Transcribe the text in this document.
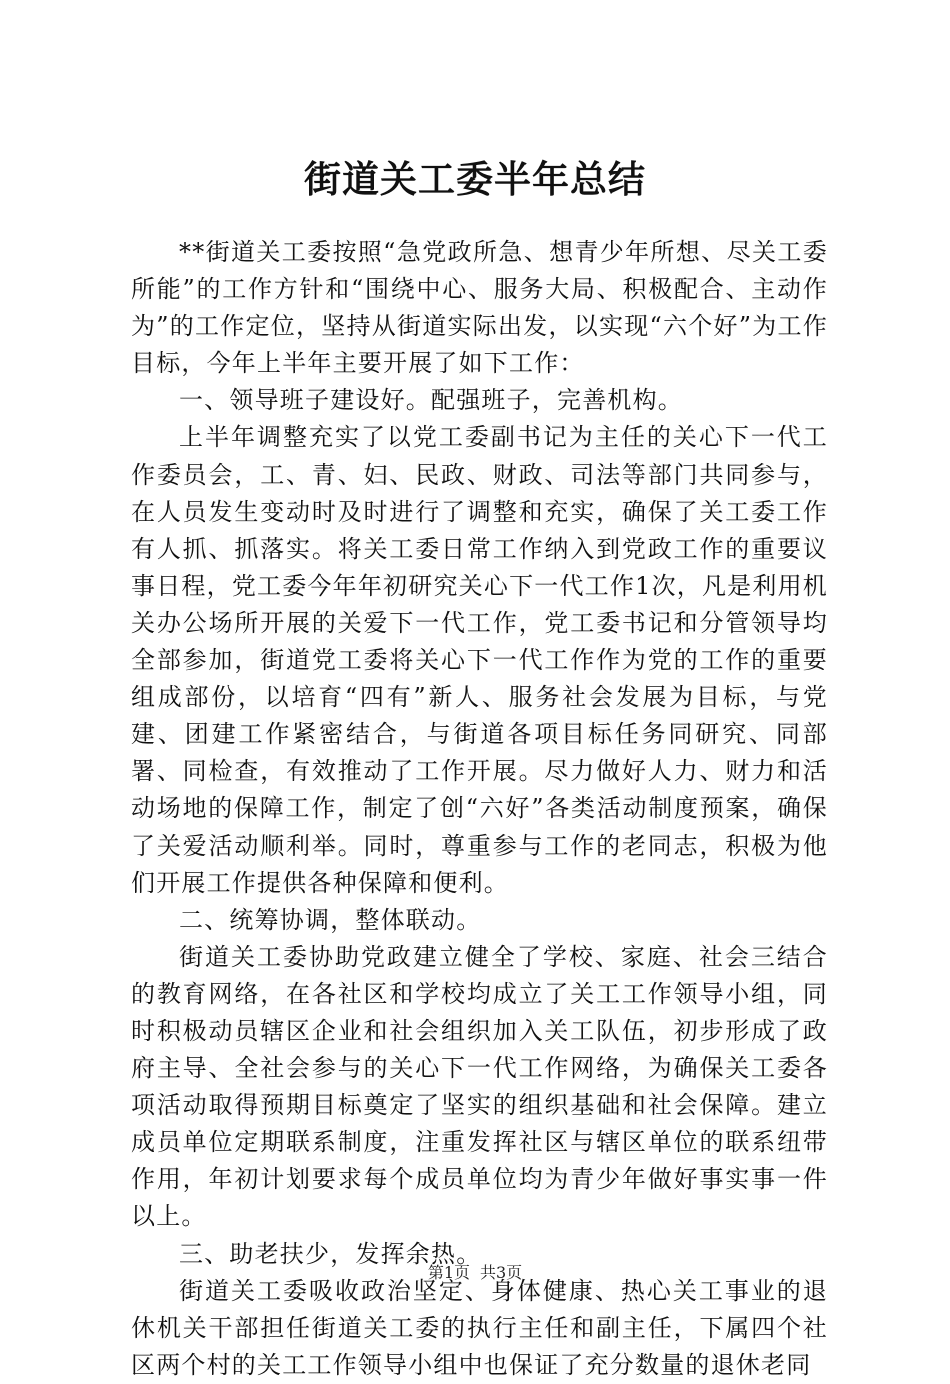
街道关工委半年总结

**街道关工委按照“急党政所急、想青少年所想、尽关工委所能”的工作方针和“围绕中心、服务大局、积极配合、主动作为”的工作定位，坚持从街道实际出发，以实现“六个好”为工作目标，今年上半年主要开展了如下工作：

一、领导班子建设好。配强班子，完善机构。

上半年调整充实了以党工委副书记为主任的关心下一代工作委员会，工、青、妇、民政、财政、司法等部门共同参与，在人员发生变动时及时进行了调整和充实，确保了关工委工作有人抓、抓落实。将关工委日常工作纳入到党政工作的重要议事日程，党工委今年年初研究关心下一代工作1次，凡是利用机关办公场所开展的关爱下一代工作，党工委书记和分管领导均全部参加，街道党工委将关心下一代工作作为党的工作的重要组成部份，以培育“四有”新人、服务社会发展为目标，与党建、团建工作紧密结合，与街道各项目标任务同研究、同部署、同检查，有效推动了工作开展。尽力做好人力、财力和活动场地的保障工作，制定了创“六好”各类活动制度预案，确保了关爱活动顺利举。同时，尊重参与工作的老同志，积极为他们开展工作提供各种保障和便利。

二、统筹协调，整体联动。

街道关工委协助党政建立健全了学校、家庭、社会三结合的教育网络，在各社区和学校均成立了关工工作领导小组，同时积极动员辖区企业和社会组织加入关工队伍，初步形成了政府主导、全社会参与的关心下一代工作网络，为确保关工委各项活动取得预期目标奠定了坚实的组织基础和社会保障。建立成员单位定期联系制度，注重发挥社区与辖区单位的联系纽带作用，年初计划要求每个成员单位均为青少年做好事实事一件以上。

三、助老扶少，发挥余热。

街道关工委吸收政治坚定、身体健康、热心关工事业的退休机关干部担任街道关工委的执行主任和副主任，下属四个社区两个村的关工工作领导小组中也保证了充分数量的退休老同

第1页 共3页
